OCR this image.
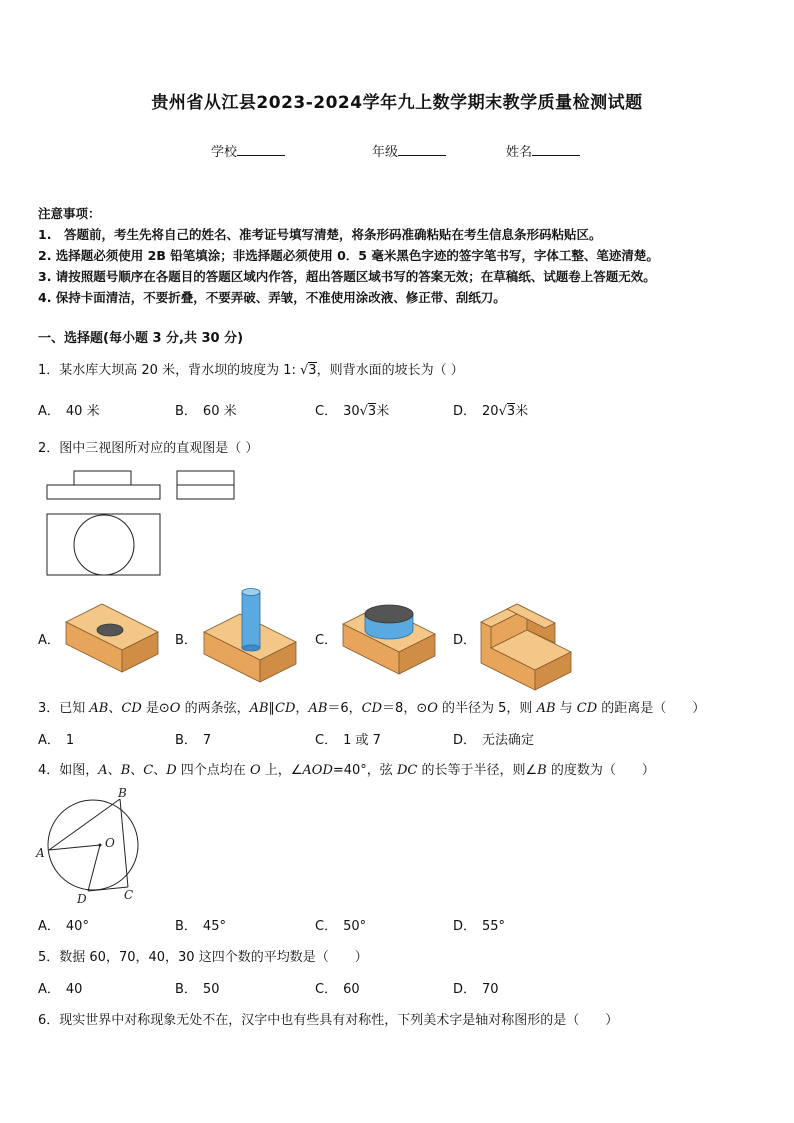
贵州省从江县2023-2024学年九上数学期末教学质量检测试题
学校	年级	姓名
注意事项：
1.　答题前，考生先将自己的姓名、准考证号填写清楚，将条形码准确粘贴在考生信息条形码粘贴区。
2. 选择题必须使用 2B 铅笔填涂；非选择题必须使用 0．5 毫米黑色字迹的签字笔书写，字体工整、笔迹清楚。
3. 请按照题号顺序在各题目的答题区域内作答，超出答题区域书写的答案无效；在草稿纸、试题卷上答题无效。
4. 保持卡面清洁，不要折叠，不要弄破、弄皱，不准使用涂改液、修正带、刮纸刀。
一、选择题(每小题 3 分,共 30 分)
1．某水库大坝高 20 米，背水坝的坡度为 1: √3，则背水面的坡长为（ ）
A． 40 米	B． 60 米	C． 30√3米	D． 20√3米
2．图中三视图所对应的直观图是（ ）
A．	B．	C．	D．
3．已知 AB、CD 是⊙O 的两条弦，AB∥CD，AB＝6，CD＝8，⊙O 的半径为 5，则 AB 与 CD 的距离是（　　）
A． 1	B． 7	C． 1 或 7	D． 无法确定
4．如图，A、B、C、D 四个点均在 O 上，∠AOD=40°，弦 DC 的长等于半径，则∠B 的度数为（　　）
A
B
C
D
O
A． 40°	B． 45°	C． 50°	D． 55°
5．数据 60，70，40，30 这四个数的平均数是（　　）
A． 40	B． 50	C． 60	D． 70
6．现实世界中对称现象无处不在，汉字中也有些具有对称性，下列美术字是轴对称图形的是（　　）
